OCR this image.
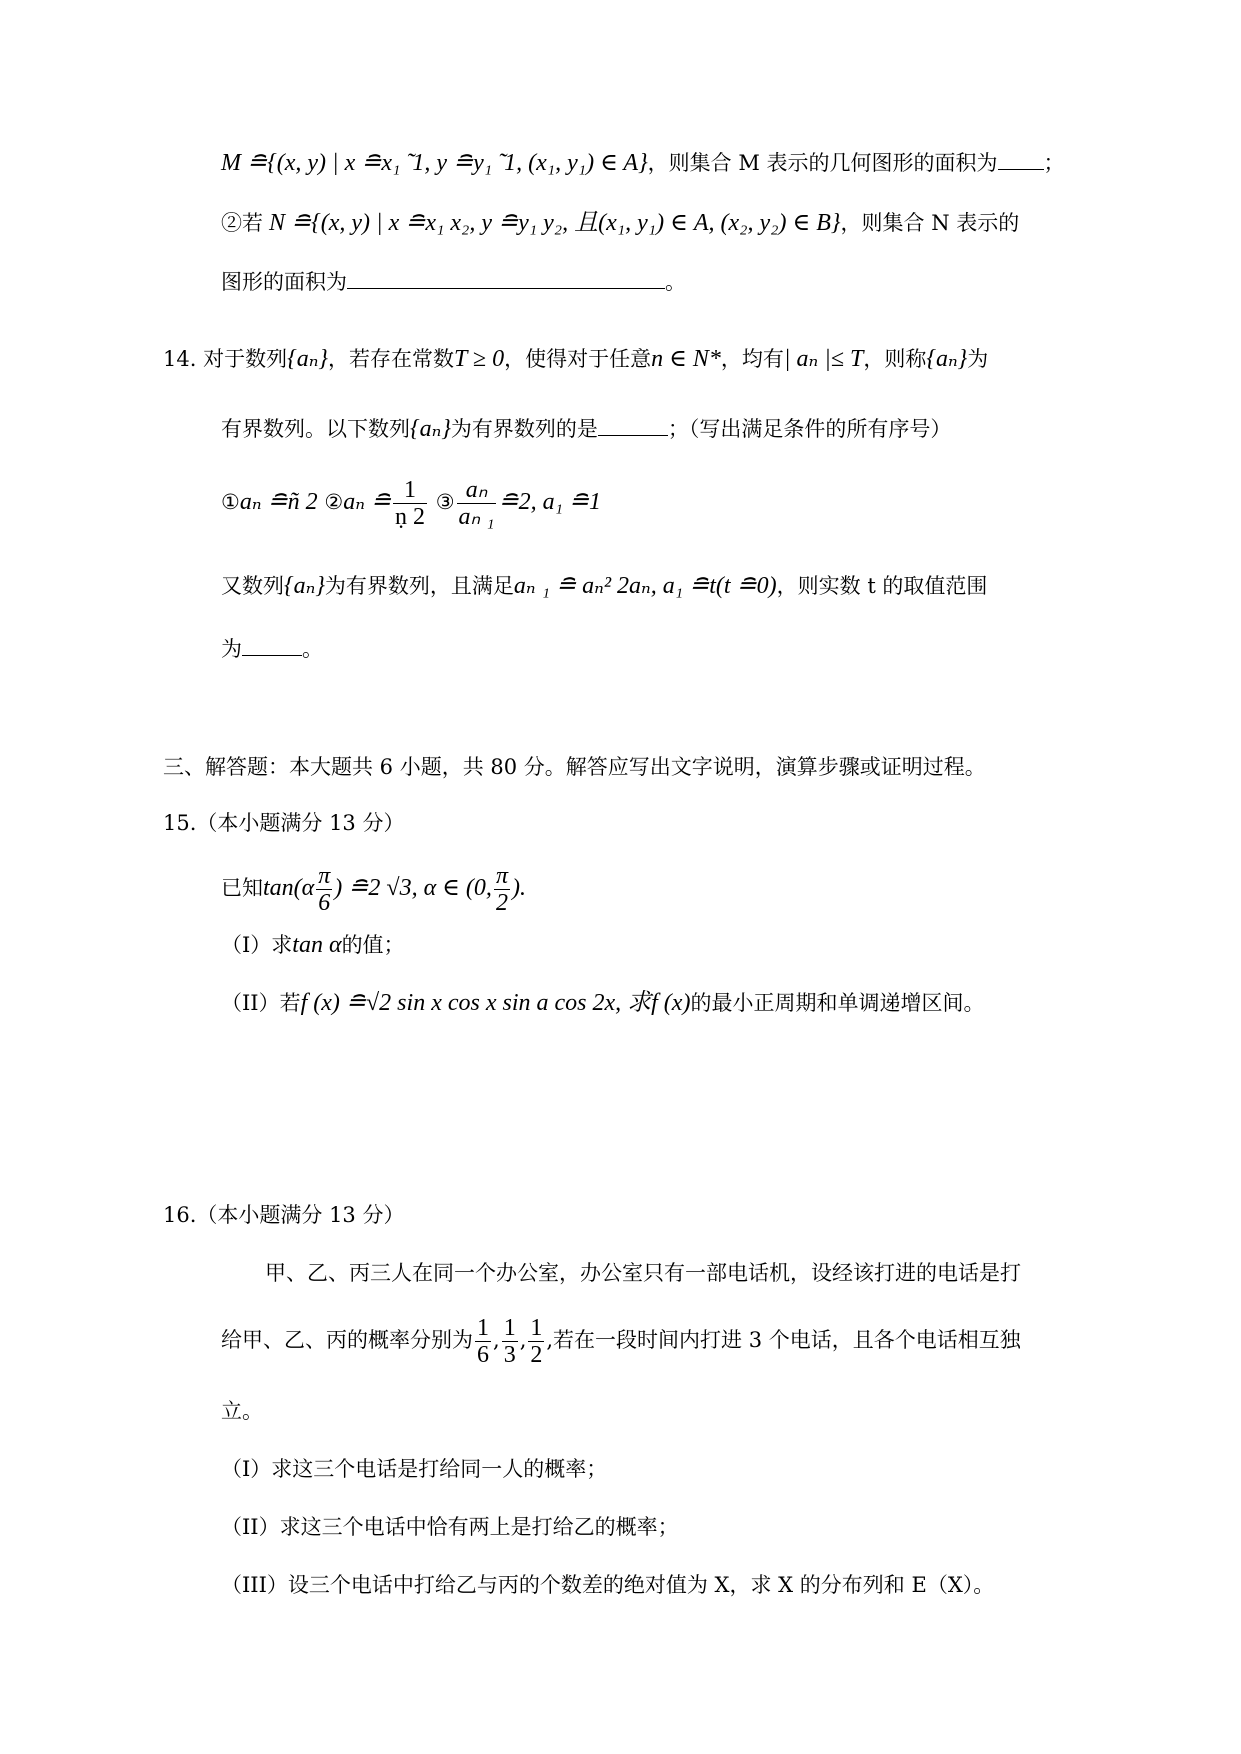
M ≘{(x, y) | x ≘x₁ ̃ 1, y ≘y₁ ̃ 1, (x₁, y₁) ∈ A}，则集合 M 表示的几何图形的面积为 ；
②若 N ≘{(x, y) | x ≘x₁ x₂, y ≘y₁ y₂, 且(x₁, y₁) ∈ A, (x₂, y₂) ∈ B}，则集合 N 表示的
图形的面积为	。
14. 对于数列{aₙ}，若存在常数T ≥ 0，使得对于任意n ∈ N*，均有| aₙ |≤ T，则称{aₙ}为
有界数列。以下数列{aₙ}为有界数列的是	；（写出满足条件的所有序号）
①aₙ ≘ñ 2 ②aₙ ≘ $\frac{1}{\text{ṇ 2}}$ ③ $\frac{\text{aₙ}}{\text{aₙ ₁}}$ ≘2, a₁ ≘1
又数列{aₙ}为有界数列，且满足aₙ ₁ ≘ aₙ² 2aₙ, a₁ ≘t(t ≘0)，则实数 t 的取值范围
为	。
三、解答题：本大题共 6 小题，共 80 分。解答应写出文字说明，演算步骤或证明过程。
15.（本小题满分 13 分）
已知$\tan(\alpha \frac{\pi}{6}$ ) ≘2 √3, α ∈ (0, $\frac{\pi}{2}$ ).
（I）求tan α的值；
（II）若f (x) ≘√2 sin x cos x sin a cos 2x, 求f (x)的最小正周期和单调递增区间。
16.（本小题满分 13 分）
甲、乙、丙三人在同一个办公室，办公室只有一部电话机，设经该打进的电话是打
给甲、乙、丙的概率分别为 $\frac{1}{6}$ , $\frac{1}{3}$ , $\frac{1}{2}$ ,若在一段时间内打进 3 个电话，且各个电话相互独
立。
（I）求这三个电话是打给同一人的概率；
（II）求这三个电话中恰有两上是打给乙的概率；
（III）设三个电话中打给乙与丙的个数差的绝对值为 X，求 X 的分布列和 E（X）。
